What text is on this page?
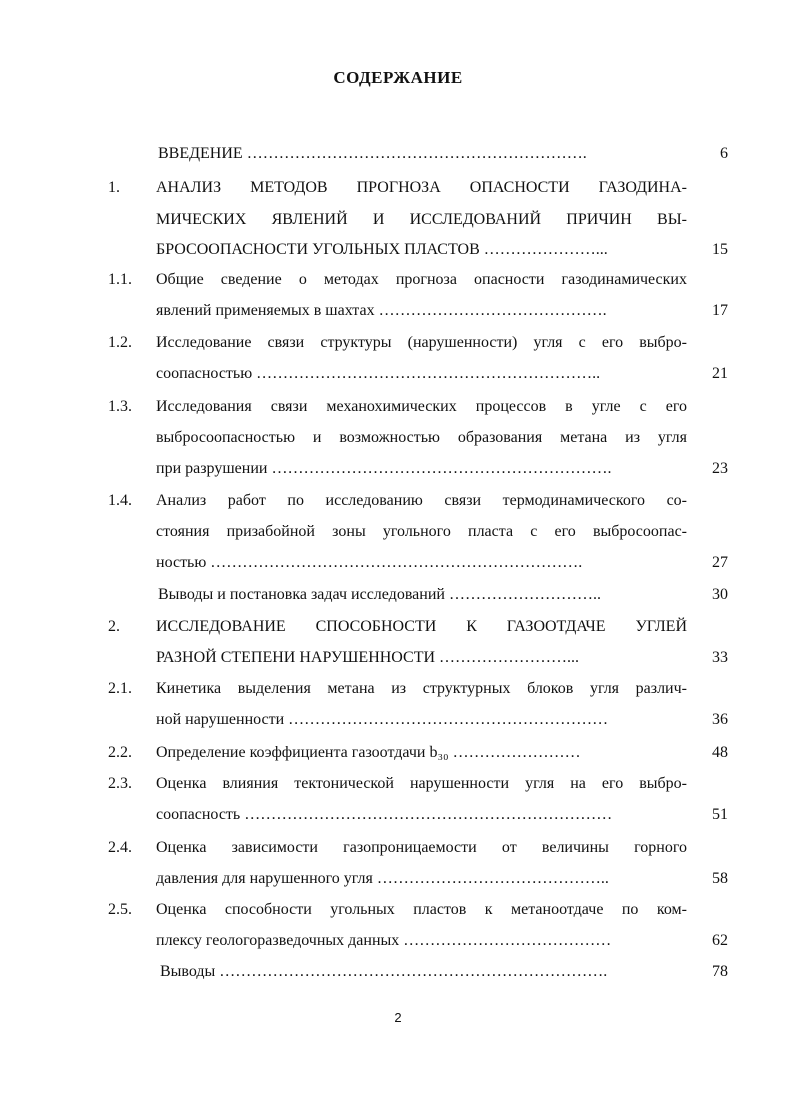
СОДЕРЖАНИЕ
ВВЕДЕНИЕ ……………………………………………………….	6
1. АНАЛИЗ МЕТОДОВ ПРОГНОЗА ОПАСНОСТИ ГАЗОДИНА-
МИЧЕСКИХ ЯВЛЕНИЙ И ИССЛЕДОВАНИЙ ПРИЧИН ВЫ-
БРОСООПАСНОСТИ УГОЛЬНЫХ ПЛАСТОВ …………………...	15
1.1. Общие сведение о методах прогноза опасности газодинамических
явлений применяемых в шахтах …………………………………….	17
1.2. Исследование связи структуры (нарушенности) угля с его выбро-
соопасностью ………………………………………………………..	21
1.3. Исследования связи механохимических процессов в угле с его
выбросоопасностью и возможностью образования метана из угля
при разрушении ……………………………………………………….	23
1.4. Анализ работ по исследованию связи термодинамического со-
стояния призабойной зоны угольного пласта с его выбросоопас-
ностью …………………………………………………………….	27
Выводы и постановка задач исследований ………………………..	30
2. ИССЛЕДОВАНИЕ СПОСОБНОСТИ К ГАЗООТДАЧЕ УГЛЕЙ
РАЗНОЙ СТЕПЕНИ НАРУШЕННОСТИ ……………………...	33
2.1. Кинетика выделения метана из структурных блоков угля различ-
ной нарушенности ……………………………………………………	36
2.2. Определение коэффициента газоотдачи b₃₀ ……………………	48
2.3. Оценка влияния тектонической нарушенности угля на его выбро-
соопасность ……………………………………………………………	51
2.4. Оценка зависимости газопроницаемости от величины горного
давления для нарушенного угля ……………………………………..	58
2.5. Оценка способности угольных пластов к метаноотдаче по ком-
плексу геологоразведочных данных …………………………………	62
Выводы ……………………………………………………………….	78
2
